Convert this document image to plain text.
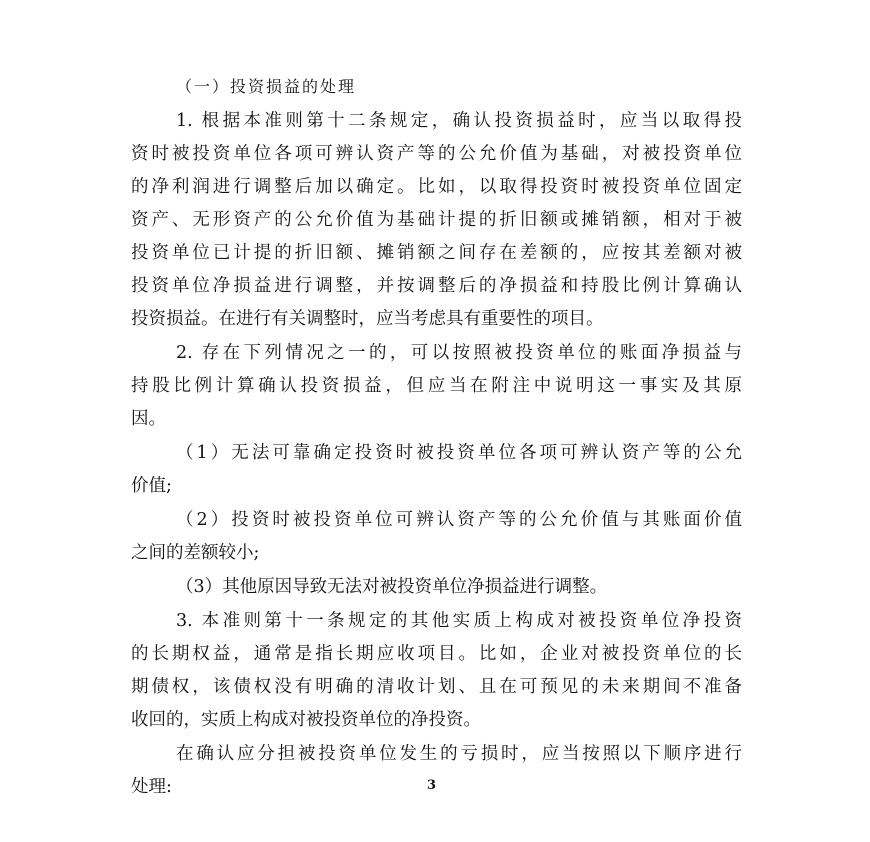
（一）投资损益的处理
1. 根据本准则第十二条规定，确认投资损益时，应当以取得投
资时被投资单位各项可辨认资产等的公允价值为基础，对被投资单位
的净利润进行调整后加以确定。比如，以取得投资时被投资单位固定
资产、无形资产的公允价值为基础计提的折旧额或摊销额，相对于被
投资单位已计提的折旧额、摊销额之间存在差额的，应按其差额对被
投资单位净损益进行调整，并按调整后的净损益和持股比例计算确认
投资损益。在进行有关调整时，应当考虑具有重要性的项目。
2. 存在下列情况之一的，可以按照被投资单位的账面净损益与
持股比例计算确认投资损益，但应当在附注中说明这一事实及其原
因。
（1）无法可靠确定投资时被投资单位各项可辨认资产等的公允
价值;
（2）投资时被投资单位可辨认资产等的公允价值与其账面价值
之间的差额较小;
（3）其他原因导致无法对被投资单位净损益进行调整。
3. 本准则第十一条规定的其他实质上构成对被投资单位净投资
的长期权益，通常是指长期应收项目。比如，企业对被投资单位的长
期债权，该债权没有明确的清收计划、且在可预见的未来期间不准备
收回的，实质上构成对被投资单位的净投资。
在确认应分担被投资单位发生的亏损时，应当按照以下顺序进行
处理:	3
